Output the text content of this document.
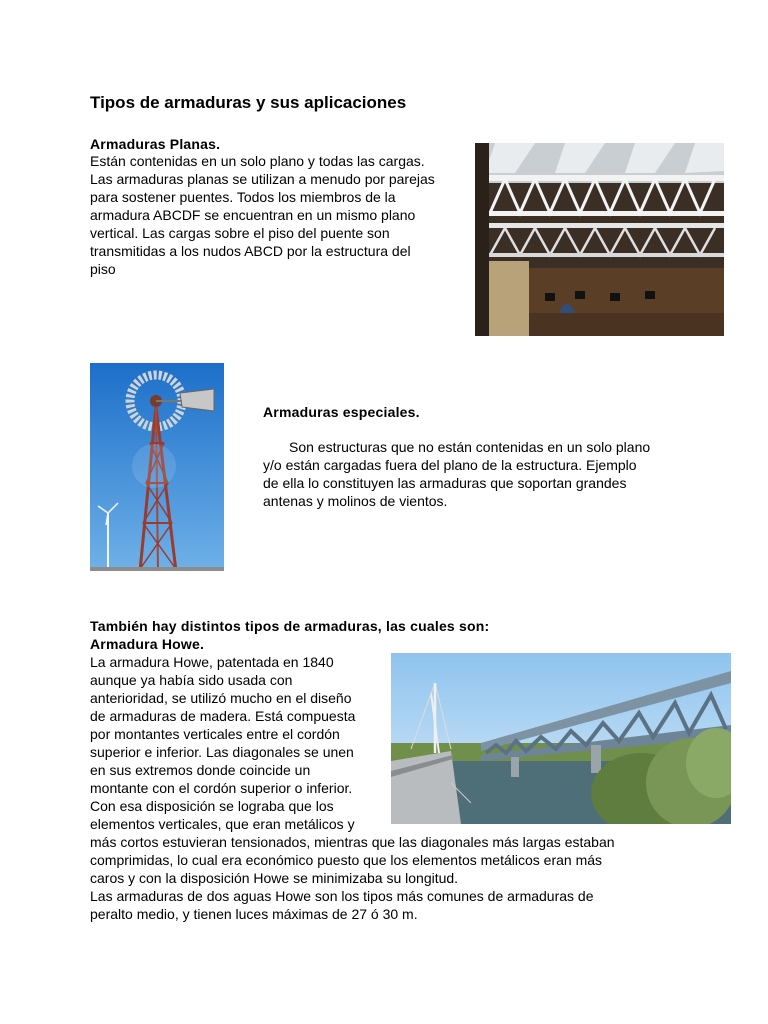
Tipos de armaduras y sus aplicaciones
Armaduras Planas.
Están contenidas en un solo plano y todas las cargas.
Las armaduras planas se utilizan a menudo por parejas
para sostener puentes. Todos los miembros de la
armadura ABCDF se encuentran en un mismo plano
vertical. Las cargas sobre el piso del puente son
transmitidas a los nudos ABCD por la estructura del
piso
Armaduras especiales.
Son estructuras que no están contenidas en un solo plano
y/o están cargadas fuera del plano de la estructura. Ejemplo
de ella lo constituyen las armaduras que soportan grandes
antenas y molinos de vientos.
También hay distintos tipos de armaduras, las cuales son:
Armadura Howe.
La armadura Howe, patentada en 1840
aunque ya había sido usada con
anterioridad, se utilizó mucho en el diseño
de armaduras de madera. Está compuesta
por montantes verticales entre el cordón
superior e inferior. Las diagonales se unen
en sus extremos donde coincide un
montante con el cordón superior o inferior.
Con esa disposición se lograba que los
elementos verticales, que eran metálicos y
más cortos estuvieran tensionados, mientras que las diagonales más largas estaban
comprimidas, lo cual era económico puesto que los elementos metálicos eran más
caros y con la disposición Howe se minimizaba su longitud.
Las armaduras de dos aguas Howe son los tipos más comunes de armaduras de
peralto medio, y tienen luces máximas de 27 ó 30 m.
